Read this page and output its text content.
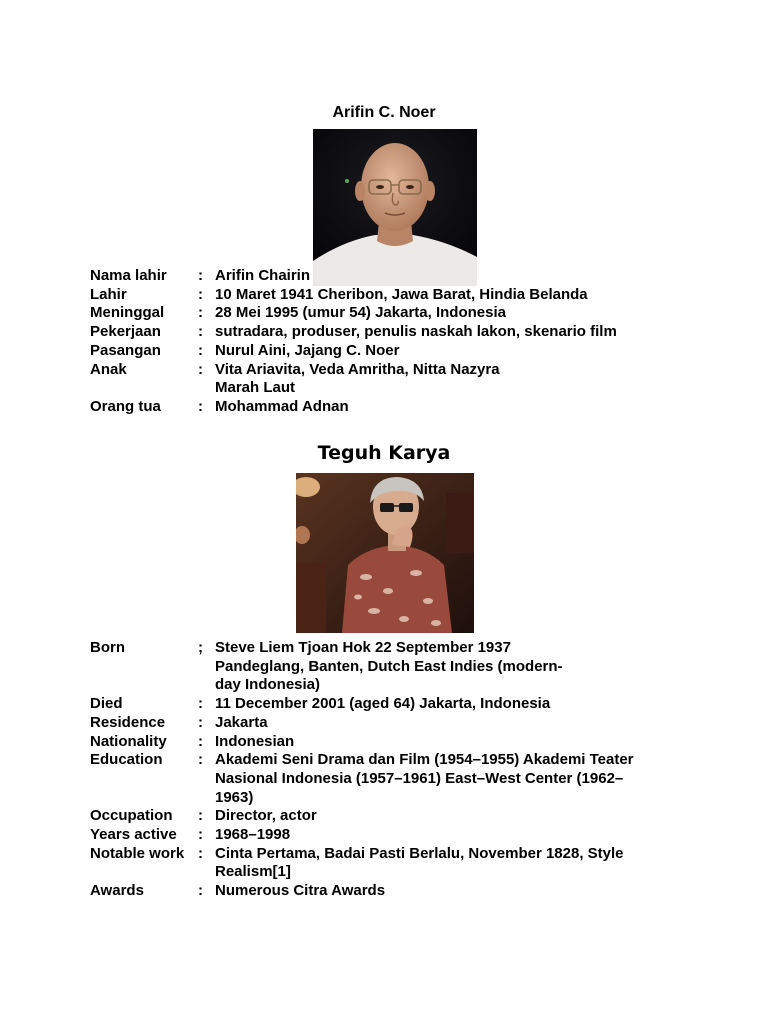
Arifin C. Noer
Nama lahir	: Arifin Chairin
Lahir	: 10 Maret 1941 Cheribon, Jawa Barat, Hindia Belanda
Meninggal	: 28 Mei 1995 (umur 54) Jakarta, Indonesia
Pekerjaan	: sutradara, produser, penulis naskah lakon, skenario film
Pasangan	: Nurul Aini, Jajang C. Noer
Anak	: Vita Ariavita, Veda Amritha, Nitta Nazyra
Marah Laut
Orang tua	: Mohammad Adnan
Teguh Karya
Born	; Steve Liem Tjoan Hok 22 September 1937
Pandeglang, Banten, Dutch East Indies (modern-
day Indonesia)
Died	: 11 December 2001 (aged 64) Jakarta, Indonesia
Residence	: Jakarta
Nationality	: Indonesian
Education	: Akademi Seni Drama dan Film (1954–1955) Akademi Teater
Nasional Indonesia (1957–1961) East–West Center (1962–
1963)
Occupation	: Director, actor
Years active	: 1968–1998
Notable work : Cinta Pertama, Badai Pasti Berlalu, November 1828, Style
Realism[1]
Awards	: Numerous Citra Awards
